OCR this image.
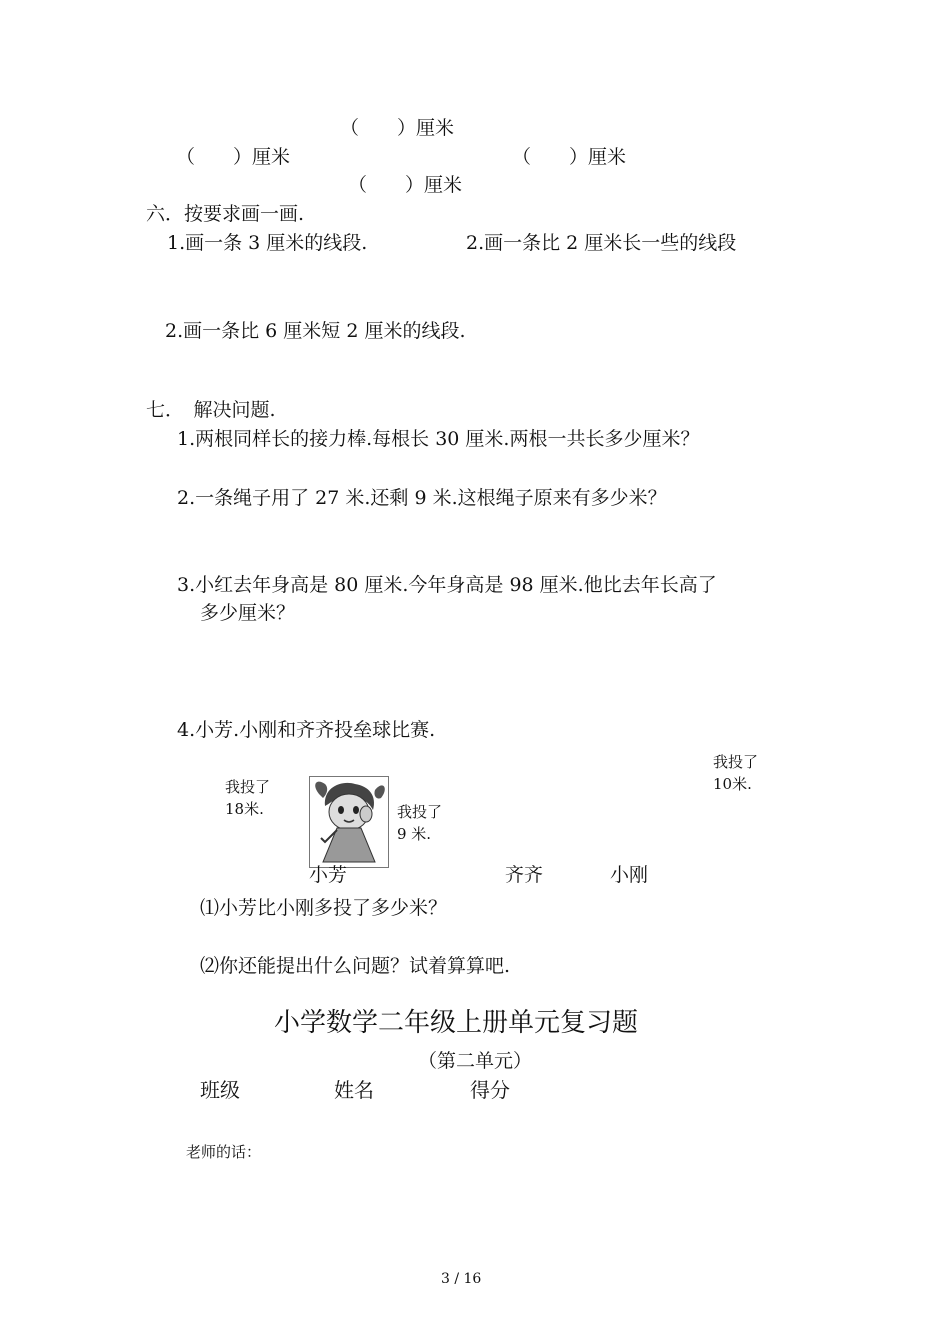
（　　）厘米
（　　）厘米	（　　）厘米
（　　）厘米
六．按要求画一画.
1.画一条 3 厘米的线段.	2.画一条比 2 厘米长一些的线段
2.画一条比 6 厘米短 2 厘米的线段.
七．　解决问题.
1.两根同样长的接力棒.每根长 30 厘米.两根一共长多少厘米？
2.一条绳子用了 27 米.还剩 9 米.这根绳子原来有多少米？
3.小红去年身高是 80 厘米.今年身高是 98 厘米.他比去年长高了
多少厘米？
4.小芳.小刚和齐齐投垒球比赛.
我投了
18米.	我投了
9 米.
我投了
10米.
小芳	齐齐	小刚
⑴小芳比小刚多投了多少米？
⑵你还能提出什么问题？试着算算吧.
小学数学二年级上册单元复习题
（第二单元）
班级	姓名	得分
老师的话：
3 / 16
